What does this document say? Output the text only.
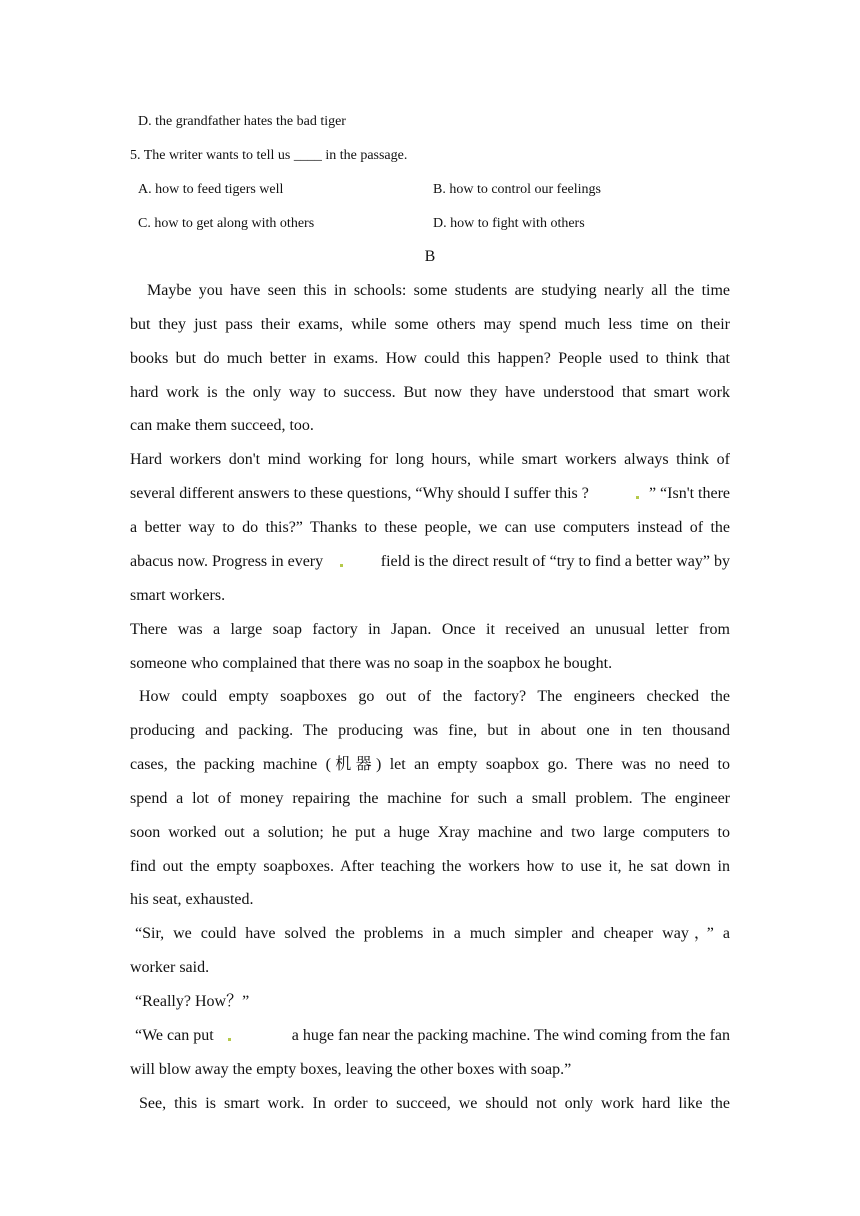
D. the grandfather hates the bad tiger
5. The writer wants to tell us ____ in the passage.
A. how to feed tigers well	B. how to control our feelings
C. how to get along with others	D. how to fight with others
B
Maybe you have seen this in schools: some students are studying nearly all the time
but they just pass their exams, while some others may spend much less time on their
books but do much better in exams. How could this happen? People used to think that
hard work is the only way to success. But now they have understood that smart work
can make them succeed, too.
Hard workers don't mind working for long hours, while smart workers always think of
several different answers to these questions, “Why should I suffer this ?	” “Isn't there
a better way to do this?” Thanks to these people, we can use computers instead of the
abacus now. Progress in every	field is the direct result of “try to find a better way” by
smart workers.
There was a large soap factory in Japan. Once it received an unusual letter from
someone who complained that there was no soap in the soapbox he bought.
How could empty soapboxes go out of the factory? The engineers checked the
producing and packing. The producing was fine, but in about one in ten thousand
cases, the packing machine (机器) let an empty soapbox go. There was no need to
spend a lot of money repairing the machine for such a small problem. The engineer
soon worked out a solution; he put a huge Xray machine and two large computers to
find out the empty soapboxes. After teaching the workers how to use it, he sat down in
his seat, exhausted.
“Sir, we could have solved the problems in a much simpler and cheaper way，” a
worker said.
“Really? How？”
“We can put	a huge fan near the packing machine. The wind coming from the fan
will blow away the empty boxes, leaving the other boxes with soap.”
See, this is smart work. In order to succeed, we should not only work hard like the
